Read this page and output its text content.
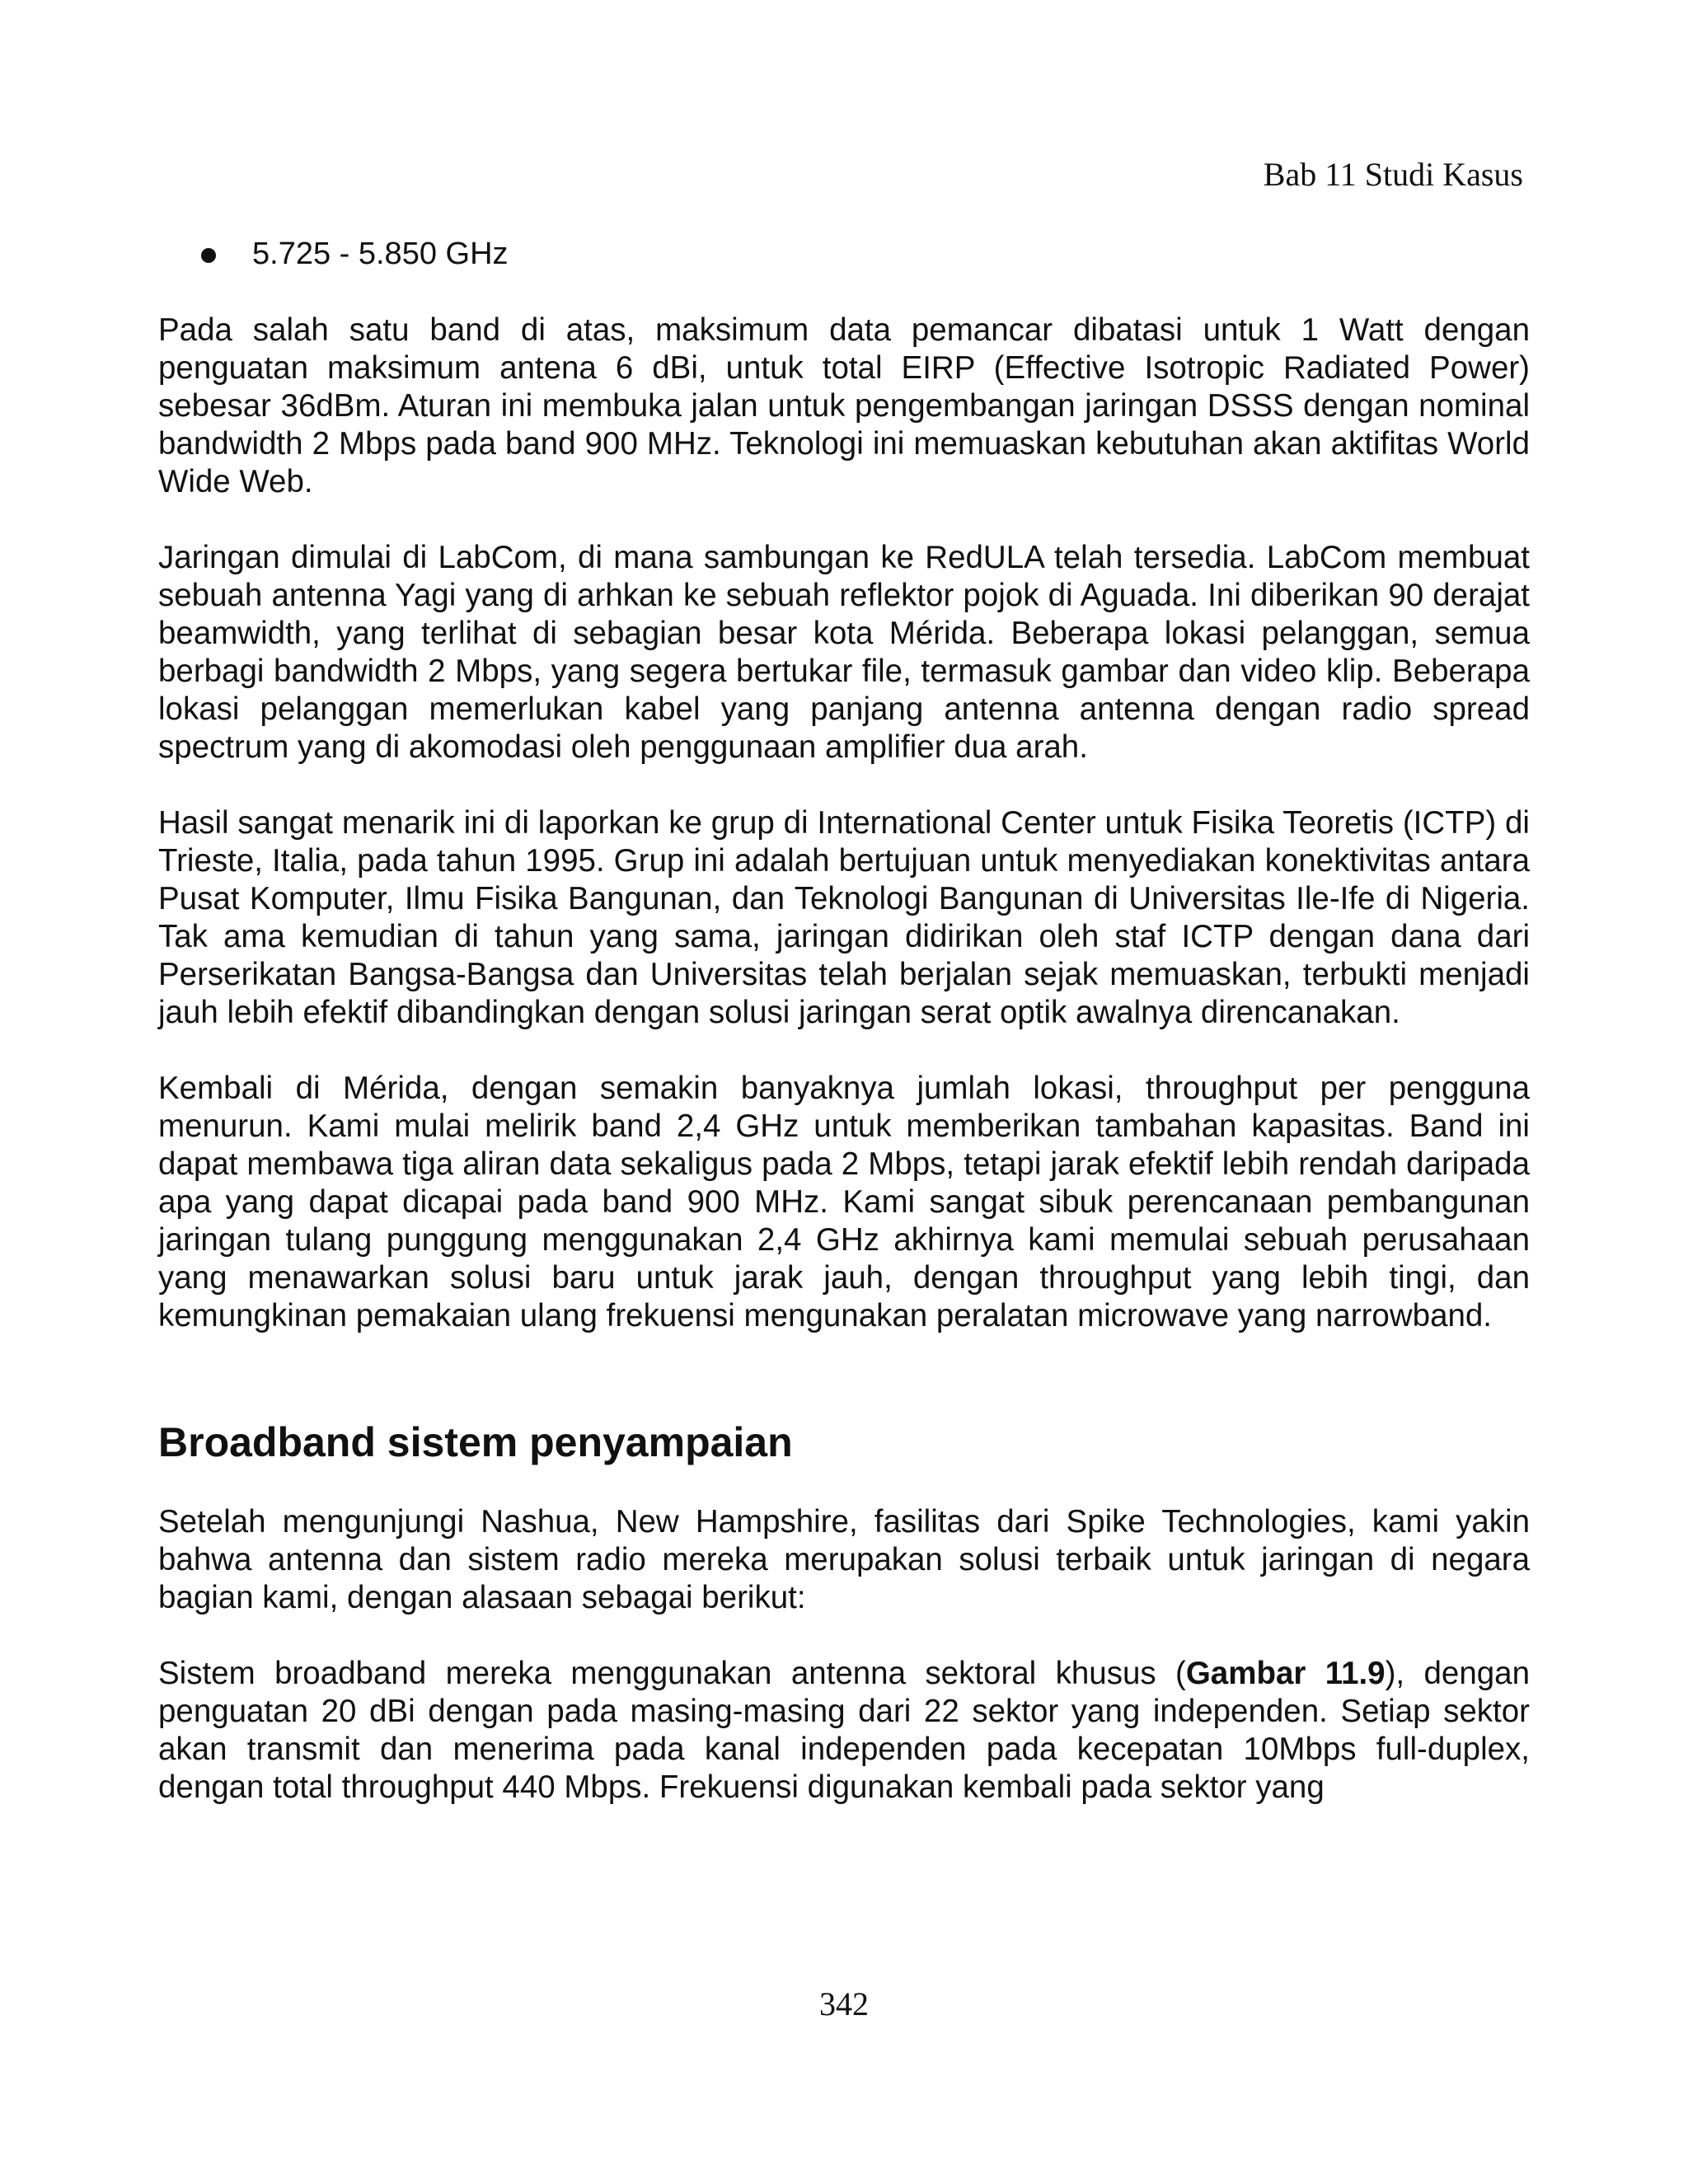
Bab 11 Studi Kasus
5.725 - 5.850 GHz

Pada salah satu band di atas, maksimum data pemancar dibatasi untuk 1 Watt dengan penguatan maksimum antena 6 dBi, untuk total EIRP (Effective Isotropic Radiated Power) sebesar 36dBm. Aturan ini membuka jalan untuk pengembangan jaringan DSSS dengan nominal bandwidth 2 Mbps pada band 900 MHz. Teknologi ini memuaskan kebutuhan akan aktifitas World Wide Web.

Jaringan dimulai di LabCom, di mana sambungan ke RedULA telah tersedia. LabCom membuat sebuah antenna Yagi yang di arhkan ke sebuah reflektor pojok di Aguada. Ini diberikan 90 derajat beamwidth, yang terlihat di sebagian besar kota Mérida. Beberapa lokasi pelanggan, semua berbagi bandwidth 2 Mbps, yang segera bertukar file, termasuk gambar dan video klip. Beberapa lokasi pelanggan memerlukan kabel yang panjang antenna antenna dengan radio spread spectrum yang di akomodasi oleh penggunaan amplifier dua arah.

Hasil sangat menarik ini di laporkan ke grup di International Center untuk Fisika Teoretis (ICTP) di Trieste, Italia, pada tahun 1995. Grup ini adalah bertujuan untuk menyediakan konektivitas antara Pusat Komputer, Ilmu Fisika Bangunan, dan Teknologi Bangunan di Universitas Ile-Ife di Nigeria. Tak ama kemudian di tahun yang sama, jaringan didirikan oleh staf ICTP dengan dana dari Perserikatan Bangsa-Bangsa dan Universitas telah berjalan sejak memuaskan, terbukti menjadi jauh lebih efektif dibandingkan dengan solusi jaringan serat optik awalnya direncanakan.

Kembali di Mérida, dengan semakin banyaknya jumlah lokasi, throughput per pengguna menurun. Kami mulai melirik band 2,4 GHz untuk memberikan tambahan kapasitas. Band ini dapat membawa tiga aliran data sekaligus pada 2 Mbps, tetapi jarak efektif lebih rendah daripada apa yang dapat dicapai pada band 900 MHz. Kami sangat sibuk perencanaan pembangunan jaringan tulang punggung menggunakan 2,4 GHz akhirnya kami memulai sebuah perusahaan yang menawarkan solusi baru untuk jarak jauh, dengan throughput yang lebih tingi, dan kemungkinan pemakaian ulang frekuensi mengunakan peralatan microwave yang narrowband.

Broadband sistem penyampaian

Setelah mengunjungi Nashua, New Hampshire, fasilitas dari Spike Technologies, kami yakin bahwa antenna dan sistem radio mereka merupakan solusi terbaik untuk jaringan di negara bagian kami, dengan alasaan sebagai berikut:

Sistem broadband mereka menggunakan antenna sektoral khusus (Gambar 11.9), dengan penguatan 20 dBi dengan pada masing-masing dari 22 sektor yang independen. Setiap sektor akan transmit dan menerima pada kanal independen pada kecepatan 10Mbps full-duplex, dengan total throughput 440 Mbps. Frekuensi digunakan kembali pada sektor yang

342
